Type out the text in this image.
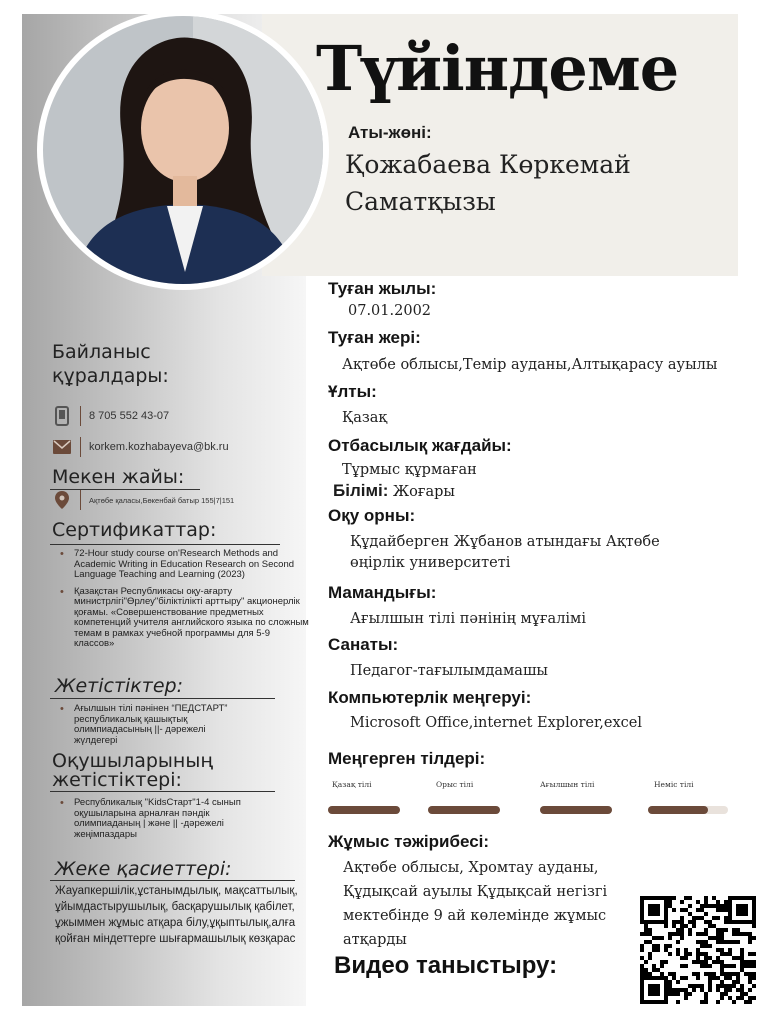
Түйіндеме
Аты-жөні:
Қожабаева Көркемай Саматқызы
Байланыс құралдары:
8 705 552 43-07
korkem.kozhabayeva@bk.ru
Мекен жайы:
Ақтөбе қаласы,Бөкенбай батыр 155|7|151
Сертификаттар:
• 72-Hour study course on'Research Methods and Academic Writing in Education Research on Second Language Teaching and Learning (2023)
• Қазақстан Республикасы оқу-ағарту министрлігі"Өрлеу"біліктілікті арттыру" акционерлік қоғамы. «Совершенствование предметных компетенций учителя английского языка по сложным темам в рамках учебной программы для 5-9 классов»
Жетістіктер:
• Ағылшын тілі пәнінен “ПЕДСТАРТ” республикалық қашықтық олимпиадасының ||- дәрежелі жүлдегері
Оқушыларының жетістіктері:
• Республикалық "KidsСтарт"1-4 сынып оқушыларына арналған пәндік олимпиаданың | және || -дәрежелі жеңімпаздары
Жеке қасиеттері:
Жауапкершілік,ұстанымдылық, мақсаттылық, ұйымдастырушылық, басқарушылық қабілет, ұжыммен жұмыс атқара білу,ұқыптылық,алға қойған міндеттерге шығармашылық көзқарас
Туған жылы:
07.01.2002
Туған жері:
Ақтөбе облысы,Темір ауданы,Алтықарасу ауылы
Ұлты:
Қазақ
Отбасылық жағдайы:
Тұрмыс құрмаған
Білімі: Жоғары
Оқу орны:
Құдайберген Жұбанов атындағы Ақтөбе өңірлік университеті
Мамандығы:
Ағылшын тілі пәнінің мұғалімі
Санаты:
Педагог-тағылымдамашы
Компьютерлік меңгеруі:
Microsoft Office,internet Explorer,excel
Меңгерген тілдері:
Қазақ тілі	Орыс тілі	Ағылшын тілі	Неміс тілі
Жұмыс тәжірибесі:
Ақтөбе облысы, Хромтау ауданы, Құдықсай ауылы Құдықсай негізгі мектебінде 9 ай көлемінде жұмыс атқарды
Видео таныстыру:
